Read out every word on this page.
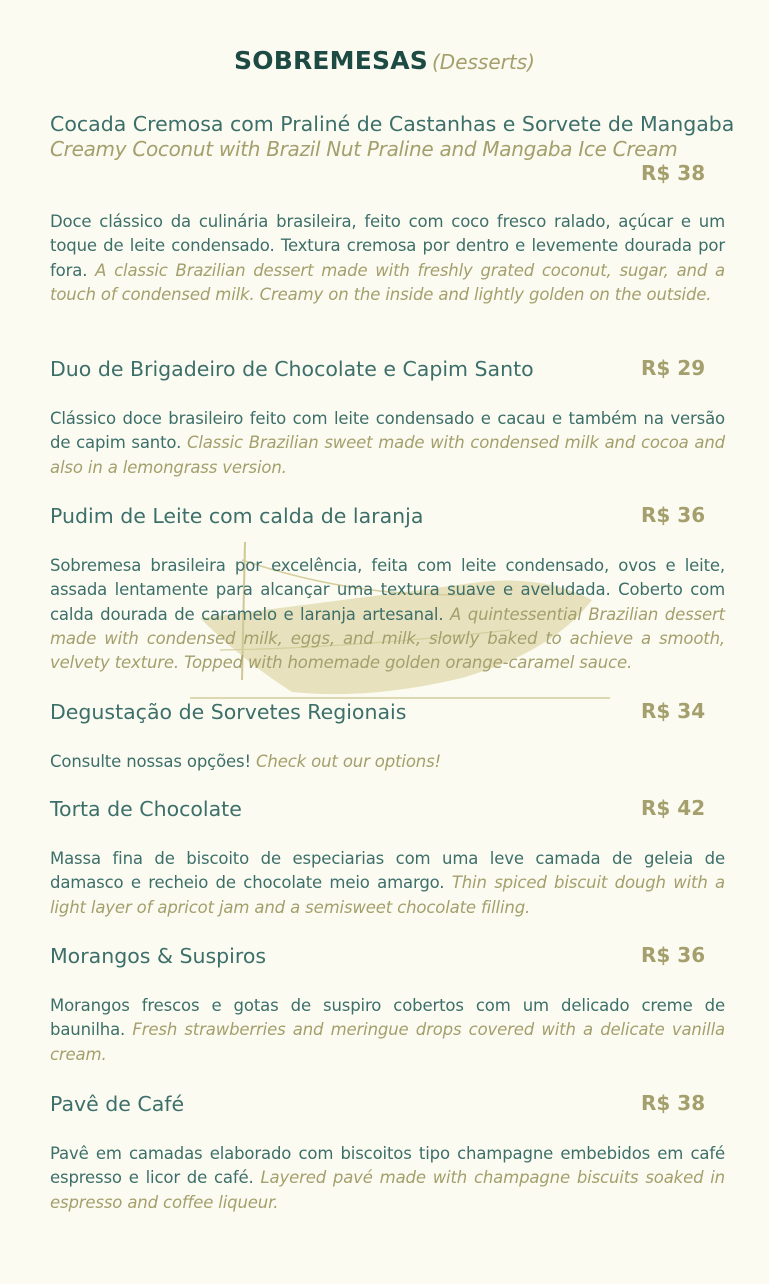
SOBREMESAS (Desserts)
Cocada Cremosa com Praliné de Castanhas e Sorvete de Mangaba
Creamy Coconut with Brazil Nut Praline and Mangaba Ice Cream
R$ 38
Doce clássico da culinária brasileira, feito com coco fresco ralado, açúcar e um toque de leite condensado. Textura cremosa por dentro e levemente dourada por fora. A classic Brazilian dessert made with freshly grated coconut, sugar, and a touch of condensed milk. Creamy on the inside and lightly golden on the outside.
Duo de Brigadeiro de Chocolate e Capim Santo	R$ 29
Clássico doce brasileiro feito com leite condensado e cacau e também na versão de capim santo. Classic Brazilian sweet made with condensed milk and cocoa and also in a lemongrass version.
Pudim de Leite com calda de laranja	R$ 36
Sobremesa brasileira por excelência, feita com leite condensado, ovos e leite, assada lentamente para alcançar uma textura suave e aveludada. Coberto com calda dourada de caramelo e laranja artesanal. A quintessential Brazilian dessert made with condensed milk, eggs, and milk, slowly baked to achieve a smooth, velvety texture. Topped with homemade golden orange-caramel sauce.
Degustação de Sorvetes Regionais	R$ 34
Consulte nossas opções! Check out our options!
Torta de Chocolate	R$ 42
Massa fina de biscoito de especiarias com uma leve camada de geleia de damasco e recheio de chocolate meio amargo. Thin spiced biscuit dough with a light layer of apricot jam and a semisweet chocolate filling.
Morangos & Suspiros	R$ 36
Morangos frescos e gotas de suspiro cobertos com um delicado creme de baunilha. Fresh strawberries and meringue drops covered with a delicate vanilla cream.
Pavê de Café	R$ 38
Pavê em camadas elaborado com biscoitos tipo champagne embebidos em café espresso e licor de café. Layered pavé made with champagne biscuits soaked in espresso and coffee liqueur.
